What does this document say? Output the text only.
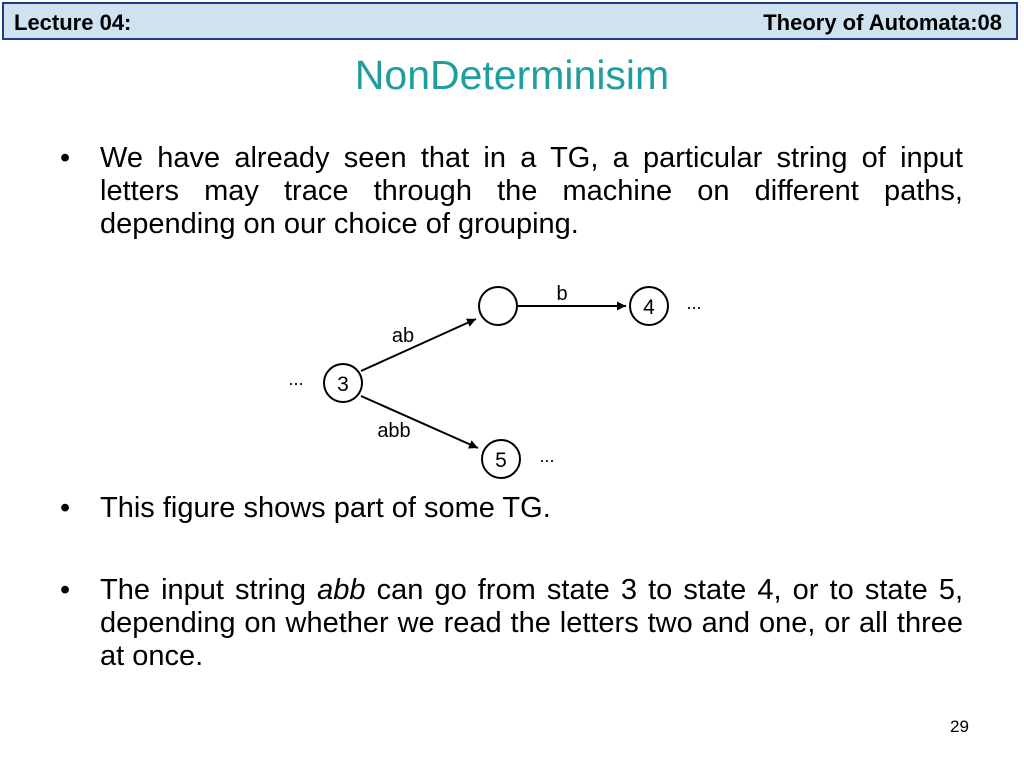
Lecture 04:	Theory of Automata:08
NonDeterminisim
• We have already seen that in a TG, a particular string of input letters may trace through the machine on different paths, depending on our choice of grouping.
3
4
5
ab
b
abb
...
...
...
• This figure shows part of some TG.
• The input string abb can go from state 3 to state 4, or to state 5, depending on whether we read the letters two and one, or all three at once.
29
